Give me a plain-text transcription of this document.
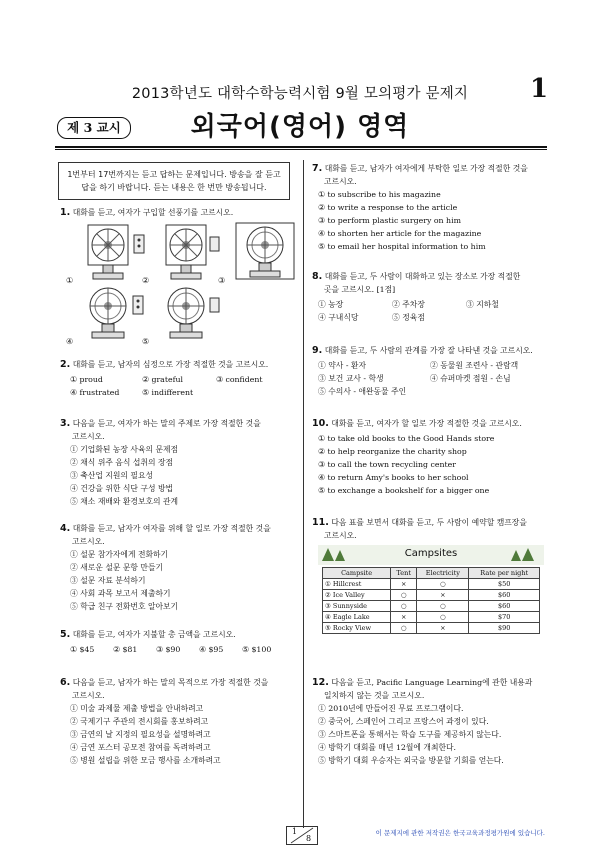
2013학년도 대학수학능력시험 9월 모의평가 문제지	1
제 3 교시	외국어(영어) 영역
1번부터 17번까지는 듣고 답하는 문제입니다. 방송을 잘 듣고 답을 하기 바랍니다. 듣는 내용은 한 번만 방송됩니다.
1. 대화를 듣고, 여자가 구입할 선풍기를 고르시오.
①	②	③
④	⑤
2. 대화를 듣고, 남자의 심정으로 가장 적절한 것을 고르시오.
① proud	② grateful	③ confident
④ frustrated	⑤ indifferent
3. 다음을 듣고, 여자가 하는 말의 주제로 가장 적절한 것을
고르시오.
① 기업화된 농장 사육의 문제점
② 채식 위주 음식 섭취의 장점
③ 축산업 지원의 필요성
④ 건강을 위한 식단 구성 방법
⑤ 채소 재배와 환경보호의 관계
4. 대화를 듣고, 남자가 여자를 위해 할 일로 가장 적절한 것을
고르시오.
① 설문 참가자에게 전화하기
② 새로운 설문 문항 만들기
③ 설문 자료 분석하기
④ 사회 과목 보고서 제출하기
⑤ 학급 친구 전화번호 알아보기
5. 대화를 듣고, 여자가 지불할 총 금액을 고르시오.
① $45 ② $81 ③ $90 ④ $95 ⑤ $100
6. 다음을 듣고, 남자가 하는 말의 목적으로 가장 적절한 것을
고르시오.
① 미술 과제물 제출 방법을 안내하려고
② 국제기구 주관의 전시회를 홍보하려고
③ 금연의 날 지정의 필요성을 설명하려고
④ 금연 포스터 공모전 참여를 독려하려고
⑤ 병원 설립을 위한 모금 행사를 소개하려고
7. 대화를 듣고, 남자가 여자에게 부탁한 일로 가장 적절한 것을
고르시오.
① to subscribe to his magazine
② to write a response to the article
③ to perform plastic surgery on him
④ to shorten her article for the magazine
⑤ to email her hospital information to him
8. 대화를 듣고, 두 사람이 대화하고 있는 장소로 가장 적절한
곳을 고르시오. [1점]
① 농장	② 주차장	③ 지하철
④ 구내식당	⑤ 정육점
9. 대화를 듣고, 두 사람의 관계를 가장 잘 나타낸 것을 고르시오.
① 약사 - 환자	② 동물원 조련사 - 관람객
③ 보건 교사 - 학생	④ 슈퍼마켓 점원 - 손님
⑤ 수의사 - 애완동물 주인
10. 대화를 듣고, 여자가 할 일로 가장 적절한 것을 고르시오.
① to take old books to the Good Hands store
② to help reorganize the charity shop
③ to call the town recycling center
④ to return Amy's books to her school
⑤ to exchange a bookshelf for a bigger one
11. 다음 표를 보면서 대화를 듣고, 두 사람이 예약할 캠프장을
고르시오.
Campsites
Campsite	Tent	Electricity	Rate per night
① Hillcrest	×	○	$50
② Ice Valley	○	×	$60
③ Sunnyside	○	○	$60
④ Eagle Lake	×	○	$70
⑤ Rocky View	○	×	$90
12. 다음을 듣고, Pacific Language Learning에 관한 내용과
일치하지 않는 것을 고르시오.
① 2010년에 만들어진 무료 프로그램이다.
② 중국어, 스페인어 그리고 프랑스어 과정이 있다.
③ 스마트폰을 통해서는 학습 도구를 제공하지 않는다.
④ 방학기 대회를 매년 12월에 개최한다.
⑤ 방학기 대회 우승자는 외국을 방문할 기회를 얻는다.
1
8
이 문제지에 관한 저작권은 한국교육과정평가원에 있습니다.
